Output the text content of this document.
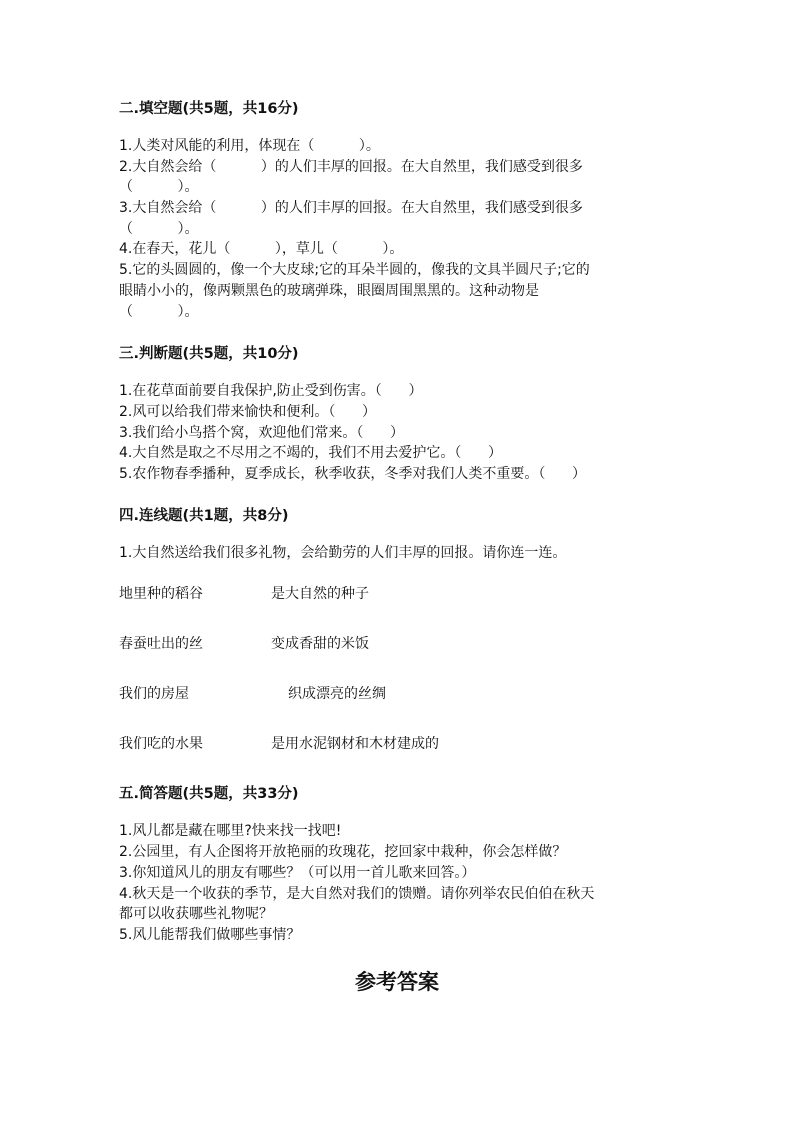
二.填空题(共5题，共16分)
1.人类对风能的利用，体现在（          ）。
2.大自然会给（          ）的人们丰厚的回报。在大自然里，我们感受到很多
（          ）。
3.大自然会给（          ）的人们丰厚的回报。在大自然里，我们感受到很多
（          ）。
4.在春天，花儿（          ），草儿（          ）。
5.它的头圆圆的，像一个大皮球;它的耳朵半圆的，像我的文具半圆尺子;它的
眼睛小小的，像两颗黑色的玻璃弹珠，眼圈周围黑黑的。这种动物是
（          ）。
三.判断题(共5题，共10分)
1.在花草面前要自我保护,防止受到伤害。（      ）
2.风可以给我们带来愉快和便利。（      ）
3.我们给小鸟搭个窝，欢迎他们常来。（      ）
4.大自然是取之不尽用之不竭的，我们不用去爱护它。（      ）
5.农作物春季播种，夏季成长，秋季收获，冬季对我们人类不重要。（      ）
四.连线题(共1题，共8分)
1.大自然送给我们很多礼物，会给勤劳的人们丰厚的回报。请你连一连。
地里种的稻谷	是大自然的种子
春蚕吐出的丝	变成香甜的米饭
我们的房屋	织成漂亮的丝绸
我们吃的水果	是用水泥钢材和木材建成的
五.简答题(共5题，共33分)
1.风儿都是藏在哪里?快来找一找吧!
2.公园里，有人企图将开放艳丽的玫瑰花，挖回家中栽种，你会怎样做？
3.你知道风儿的朋友有哪些？（可以用一首儿歌来回答。）
4.秋天是一个收获的季节，是大自然对我们的馈赠。请你列举农民伯伯在秋天
都可以收获哪些礼物呢？
5.风儿能帮我们做哪些事情？
参考答案
